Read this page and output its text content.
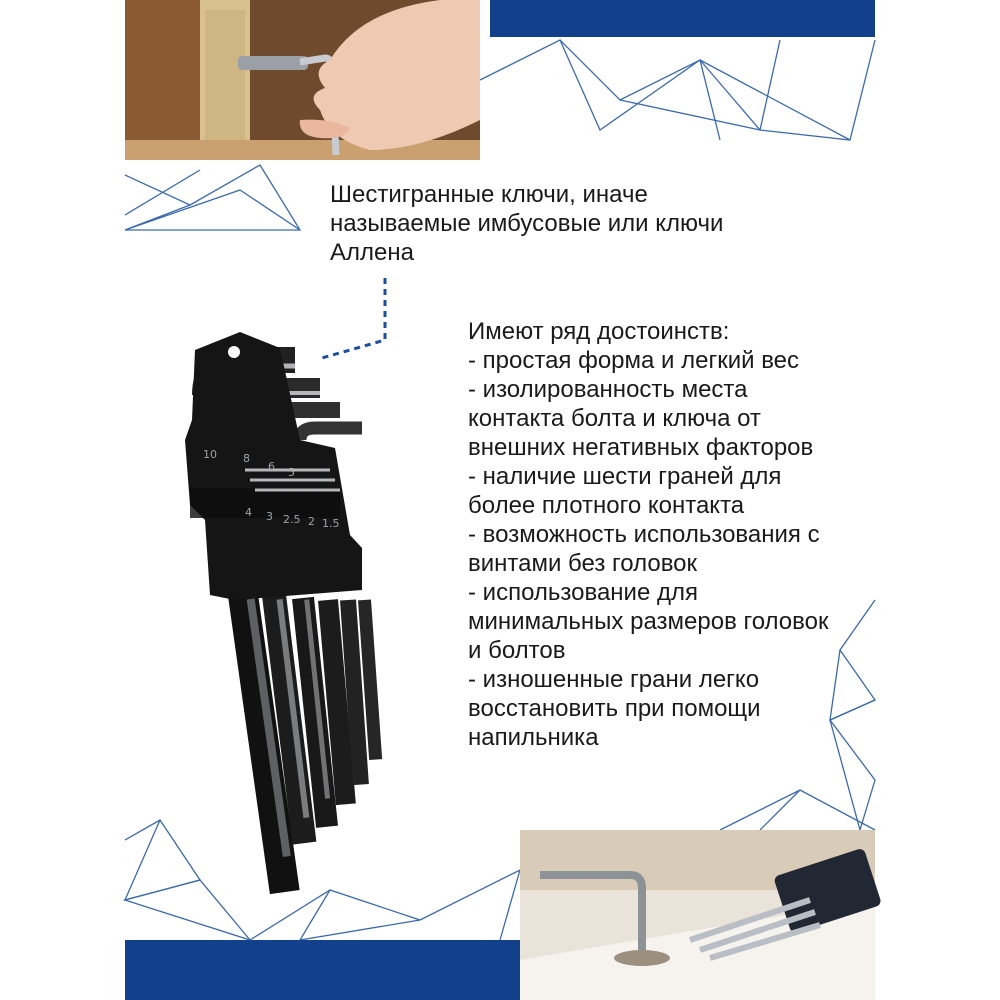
10 8
6 5
4 3 2.5 2 1.5
Шестигранные ключи, иначе
называемые имбусовые или ключи
Аллена
Имеют ряд достоинств:
- простая форма и легкий вес
- изолированность места
контакта болта и ключа от
внешних негативных факторов
- наличие шести граней для
более плотного контакта
- возможность использования с
винтами без головок
- использование для
минимальных размеров головок
и болтов
- изношенные грани легко
восстановить при помощи
напильника
